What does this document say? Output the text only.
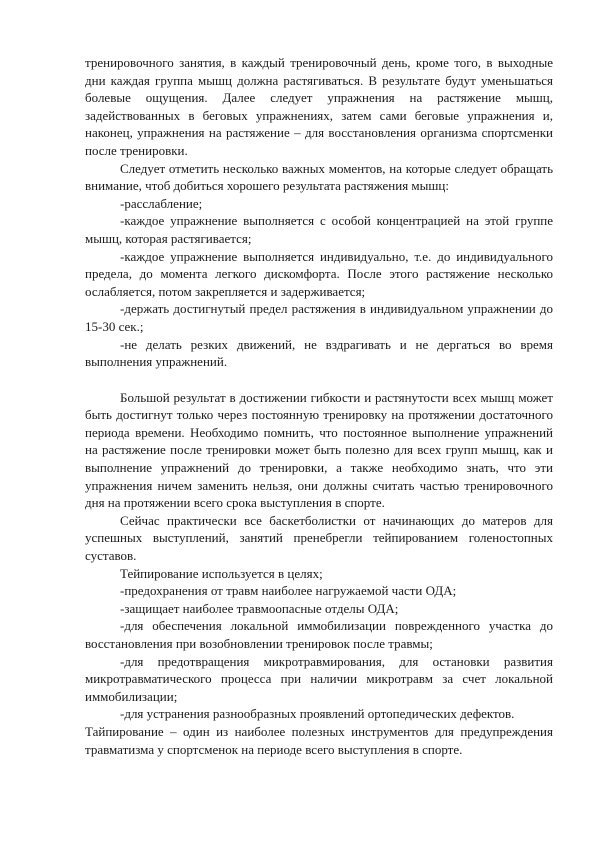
тренировочного занятия, в каждый тренировочный день, кроме того, в выходные дни каждая группа мышц должна растягиваться. В результате будут уменьшаться болевые ощущения. Далее следует упражнения на растяжение мышц, задействованных в беговых упражнениях, затем сами беговые упражнения и, наконец, упражнения на растяжение – для восстановления организма спортсменки после тренировки.

Следует отметить несколько важных моментов, на которые следует обращать внимание, чтоб добиться хорошего результата растяжения мышц:

-расслабление;

-каждое упражнение выполняется с особой концентрацией на этой группе мышц, которая растягивается;

-каждое упражнение выполняется индивидуально, т.е. до индивидуального предела, до момента легкого дискомфорта. После этого растяжение несколько ослабляется, потом закрепляется и задерживается;

-держать достигнутый предел растяжения в индивидуальном упражнении до 15-30 сек.;

-не делать резких движений, не вздрагивать и не дергаться во время выполнения упражнений.

Большой результат в достижении гибкости и растянутости всех мышц может быть достигнут только через постоянную тренировку на протяжении достаточного периода времени. Необходимо помнить, что постоянное выполнение упражнений на растяжение после тренировки может быть полезно для всех групп мышц, как и выполнение упражнений до тренировки, а также необходимо знать, что эти упражнения ничем заменить нельзя, они должны считать частью тренировочного дня на протяжении всего срока выступления в спорте.

Сейчас практически все баскетболистки от начинающих до матеров для успешных выступлений, занятий пренебрегли тейпированием голеностопных суставов.

Тейпирование используется в целях;

-предохранения от травм наиболее нагружаемой части ОДА;

-защищает наиболее травмоопасные отделы ОДА;

-для обеспечения локальной иммобилизации поврежденного участка до восстановления при возобновлении тренировок после травмы;

-для предотвращения микротравмирования, для остановки развития микротравматического процесса при наличии микротравм за счет локальной иммобилизации;

-для устранения разнообразных проявлений ортопедических дефектов.

Тайпирование – один из наиболее полезных инструментов для предупреждения травматизма у спортсменок на периоде всего выступления в спорте.
